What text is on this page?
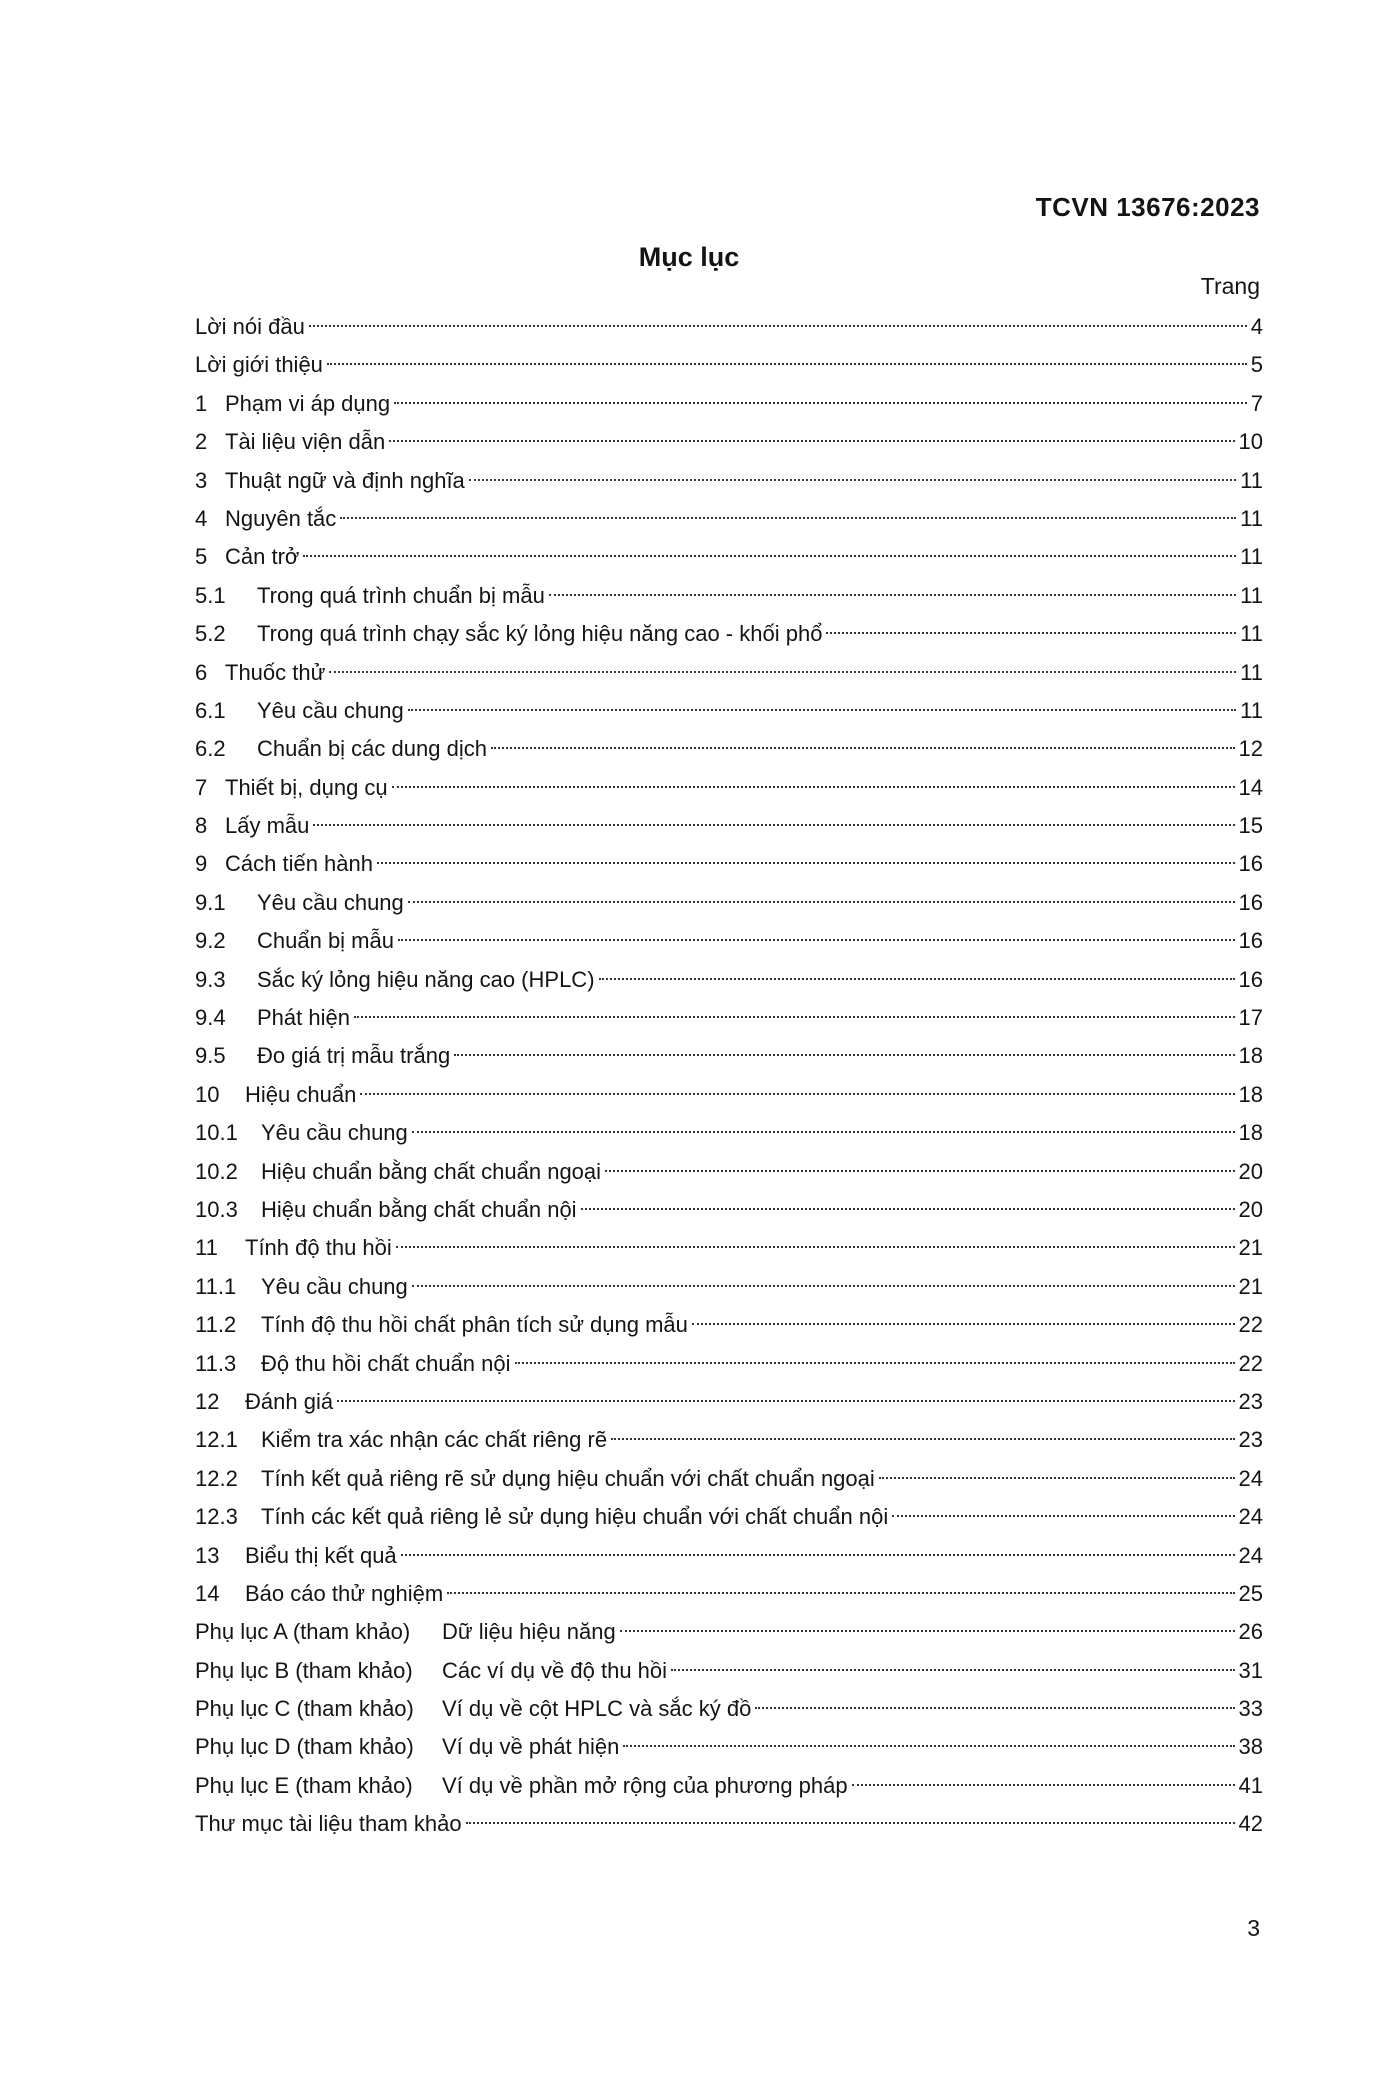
TCVN 13676:2023
Mục lục
Trang
Lời nói đầu	4
Lời giới thiệu	5
1 Phạm vi áp dụng	7
2 Tài liệu viện dẫn	10
3 Thuật ngữ và định nghĩa	11
4 Nguyên tắc	11
5 Cản trở	11
5.1	Trong quá trình chuẩn bị mẫu	11
5.2	Trong quá trình chạy sắc ký lỏng hiệu năng cao - khối phổ	11
6 Thuốc thử	11
6.1	Yêu cầu chung	11
6.2	Chuẩn bị các dung dịch	12
7 Thiết bị, dụng cụ	14
8 Lấy mẫu	15
9 Cách tiến hành	16
9.1	Yêu cầu chung	16
9.2	Chuẩn bị mẫu	16
9.3	Sắc ký lỏng hiệu năng cao (HPLC)	16
9.4	Phát hiện	17
9.5	Đo giá trị mẫu trắng	18
10	Hiệu chuẩn	18
10.1	Yêu cầu chung	18
10.2	Hiệu chuẩn bằng chất chuẩn ngoại	20
10.3	Hiệu chuẩn bằng chất chuẩn nội	20
11	Tính độ thu hồi	21
11.1	Yêu cầu chung	21
11.2	Tính độ thu hồi chất phân tích sử dụng mẫu	22
11.3	Độ thu hồi chất chuẩn nội	22
12	Đánh giá	23
12.1	Kiểm tra xác nhận các chất riêng rẽ	23
12.2	Tính kết quả riêng rẽ sử dụng hiệu chuẩn với chất chuẩn ngoại	24
12.3	Tính các kết quả riêng lẻ sử dụng hiệu chuẩn với chất chuẩn nội	24
13	Biểu thị kết quả	24
14	Báo cáo thử nghiệm	25
Phụ lục A (tham khảo)	Dữ liệu hiệu năng	26
Phụ lục B (tham khảo)	Các ví dụ về độ thu hồi	31
Phụ lục C (tham khảo)	Ví dụ về cột HPLC và sắc ký đồ	33
Phụ lục D (tham khảo)	Ví dụ về phát hiện	38
Phụ lục E (tham khảo)	Ví dụ về phần mở rộng của phương pháp	41
Thư mục tài liệu tham khảo	42
3
